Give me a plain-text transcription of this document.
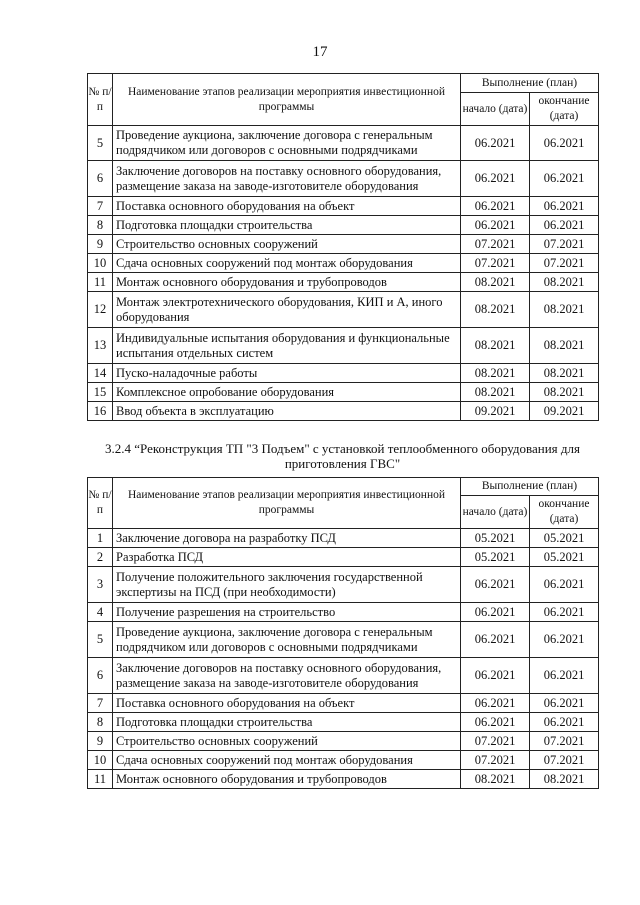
17
№ п/п	Наименование этапов реализации мероприятия инвестиционной программы	Выполнение (план)	
		начало (дата)	окончание (дата)
5	Проведение аукциона, заключение договора с генеральным подрядчиком или договоров с основными подрядчиками	06.2021	06.2021
6	Заключение договоров на поставку основного оборудования, размещение заказа на заводе-изготовителе оборудования	06.2021	06.2021
7	Поставка основного оборудования на объект	06.2021	06.2021
8	Подготовка площадки строительства	06.2021	06.2021
9	Строительство основных сооружений	07.2021	07.2021
10	Сдача основных сооружений под монтаж оборудования	07.2021	07.2021
11	Монтаж основного оборудования и трубопроводов	08.2021	08.2021
12	Монтаж электротехнического оборудования, КИП и А, иного оборудования	08.2021	08.2021
13	Индивидуальные испытания оборудования и функциональные испытания отдельных систем	08.2021	08.2021
14	Пуско-наладочные работы	08.2021	08.2021
15	Комплексное опробование оборудования	08.2021	08.2021
16	Ввод объекта в эксплуатацию	09.2021	09.2021
3.2.4 “Реконструкция ТП "3 Подъем" с установкой теплообменного оборудования для
приготовления ГВС"
№ п/п	Наименование этапов реализации мероприятия инвестиционной программы	Выполнение (план)	
		начало (дата)	окончание (дата)
1	Заключение договора на разработку ПСД	05.2021	05.2021
2	Разработка ПСД	05.2021	05.2021
3	Получение положительного заключения государственной экспертизы на ПСД (при необходимости)	06.2021	06.2021
4	Получение разрешения на строительство	06.2021	06.2021
5	Проведение аукциона, заключение договора с генеральным подрядчиком или договоров с основными подрядчиками	06.2021	06.2021
6	Заключение договоров на поставку основного оборудования, размещение заказа на заводе-изготовителе оборудования	06.2021	06.2021
7	Поставка основного оборудования на объект	06.2021	06.2021
8	Подготовка площадки строительства	06.2021	06.2021
9	Строительство основных сооружений	07.2021	07.2021
10	Сдача основных сооружений под монтаж оборудования	07.2021	07.2021
11	Монтаж основного оборудования и трубопроводов	08.2021	08.2021
